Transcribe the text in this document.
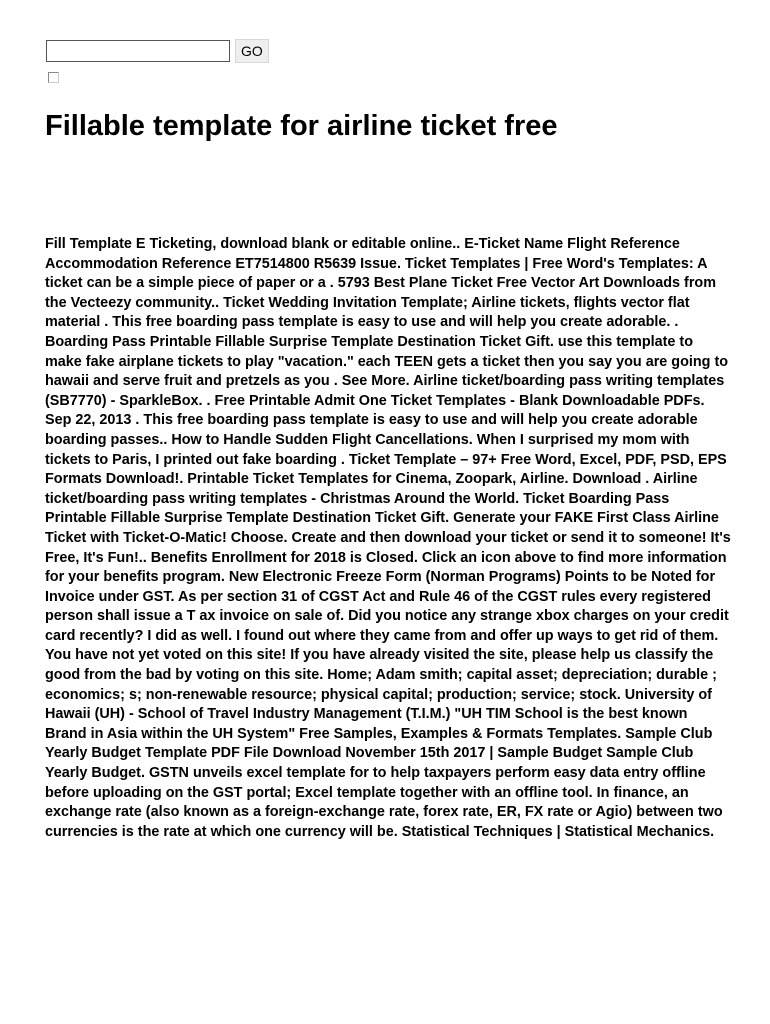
GO
Fillable template for airline ticket free

Fill Template E Ticketing, download blank or editable online.. E-Ticket Name Flight Reference Accommodation Reference ET7514800 R5639 Issue. Ticket Templates | Free Word's Templates: A ticket can be a simple piece of paper or a . 5793 Best Plane Ticket Free Vector Art Downloads from the Vecteezy community.. Ticket Wedding Invitation Template; Airline tickets, flights vector flat material . This free boarding pass template is easy to use and will help you create adorable. . Boarding Pass Printable Fillable Surprise Template Destination Ticket Gift. use this template to make fake airplane tickets to play "vacation." each TEEN gets a ticket then you say you are going to hawaii and serve fruit and pretzels as you . See More. Airline ticket/boarding pass writing templates (SB7770) - SparkleBox. . Free Printable Admit One Ticket Templates - Blank Downloadable PDFs. Sep 22, 2013 . This free boarding pass template is easy to use and will help you create adorable boarding passes.. How to Handle Sudden Flight Cancellations. When I surprised my mom with tickets to Paris, I printed out fake boarding . Ticket Template – 97+ Free Word, Excel, PDF, PSD, EPS Formats Download!. Printable Ticket Templates for Cinema, Zoopark, Airline. Download . Airline ticket/boarding pass writing templates - Christmas Around the World. Ticket Boarding Pass Printable Fillable Surprise Template Destination Ticket Gift. Generate your FAKE First Class Airline Ticket with Ticket-O-Matic! Choose. Create and then download your ticket or send it to someone! It's Free, It's Fun!.. Benefits Enrollment for 2018 is Closed. Click an icon above to find more information for your benefits program. New Electronic Freeze Form (Norman Programs) Points to be Noted for Invoice under GST. As per section 31 of CGST Act and Rule 46 of the CGST rules every registered person shall issue a T ax invoice on sale of. Did you notice any strange xbox charges on your credit card recently? I did as well. I found out where they came from and offer up ways to get rid of them. You have not yet voted on this site! If you have already visited the site, please help us classify the good from the bad by voting on this site. Home; Adam smith; capital asset; depreciation; durable ; economics; s; non-renewable resource; physical capital; production; service; stock. University of Hawaii (UH) - School of Travel Industry Management (T.I.M.) "UH TIM School is the best known Brand in Asia within the UH System" Free Samples, Examples & Formats Templates. Sample Club Yearly Budget Template PDF File Download November 15th 2017 | Sample Budget Sample Club Yearly Budget. GSTN unveils excel template for to help taxpayers perform easy data entry offline before uploading on the GST portal; Excel template together with an offline tool. In finance, an exchange rate (also known as a foreign-exchange rate, forex rate, ER, FX rate or Agio) between two currencies is the rate at which one currency will be. Statistical Techniques | Statistical Mechanics.
